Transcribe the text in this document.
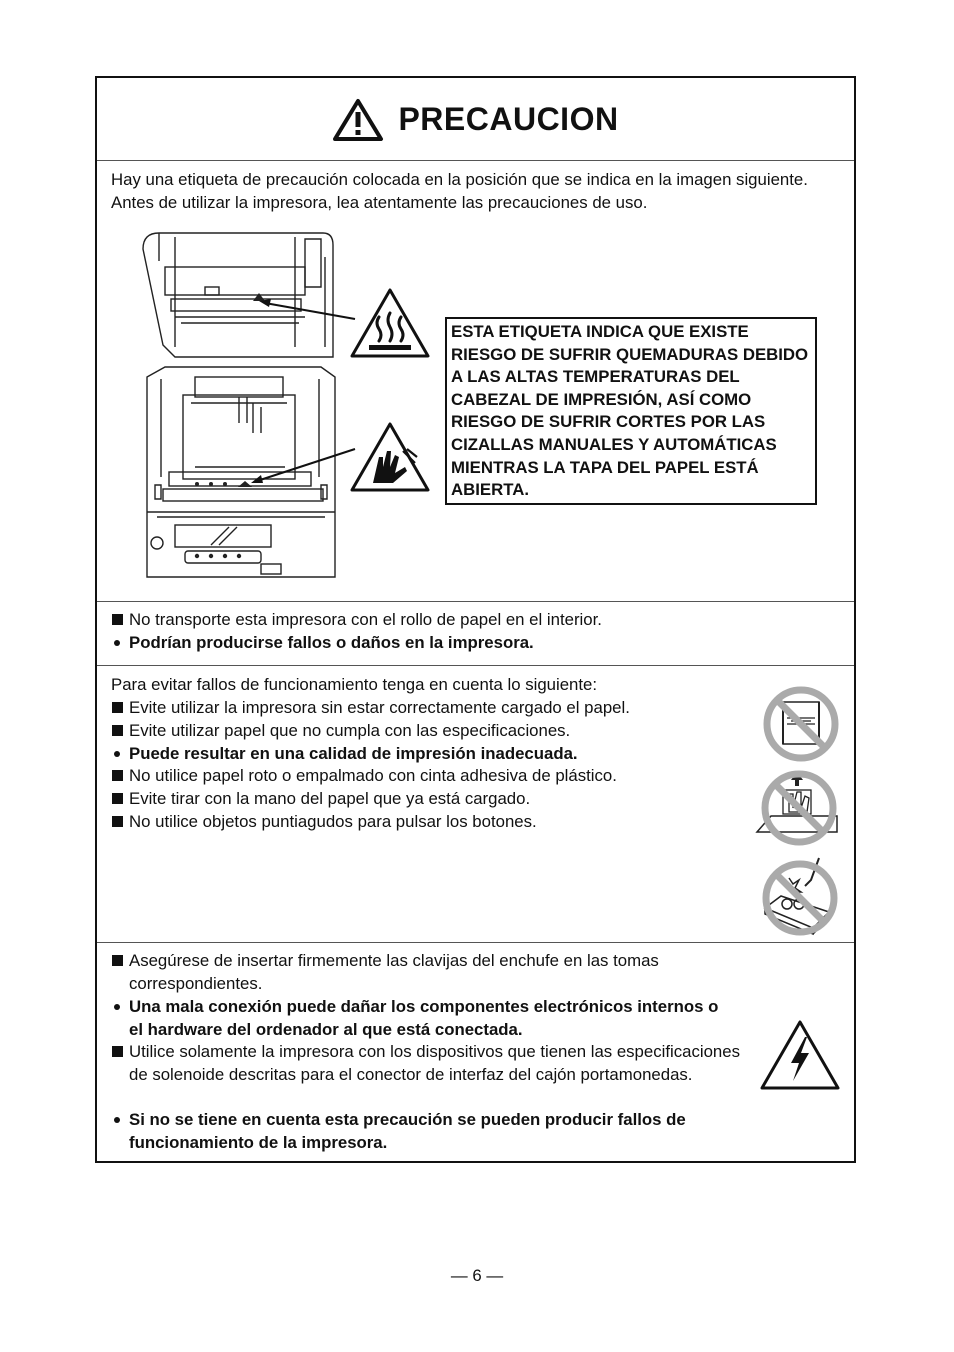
PRECAUCION

Hay una etiqueta de precaución colocada en la posición que se indica en la imagen siguiente. Antes de utilizar la impresora, lea atentamente las precauciones de uso.

ESTA ETIQUETA INDICA QUE EXISTE RIESGO DE SUFRIR QUEMADURAS DEBIDO A LAS ALTAS TEMPERATURAS DEL CABEZAL DE IMPRESIÓN, ASÍ COMO RIESGO DE SUFRIR CORTES POR LAS CIZALLAS MANUALES Y AUTOMÁTICAS MIENTRAS LA TAPA DEL PAPEL ESTÁ ABIERTA.
No transporte esta impresora con el rollo de papel en el interior.
Podrían producirse fallos o daños en la impresora.

Para evitar fallos de funcionamiento tenga en cuenta lo siguiente:

Evite utilizar la impresora sin estar correctamente cargado el papel.
Evite utilizar papel que no cumpla con las especificaciones.
Puede resultar en una calidad de impresión inadecuada.
No utilice papel roto o empalmado con cinta adhesiva de plástico.
Evite tirar con la mano del papel que ya está cargado.
No utilice objetos puntiagudos para pulsar los botones.
Asegúrese de insertar firmemente las clavijas del enchufe en las tomas correspondientes.
Una mala conexión puede dañar los componentes electrónicos internos o el hardware del ordenador al que está conectada.
Utilice solamente la impresora con los dispositivos que tienen las especificaciones de solenoide descritas para el conector de interfaz del cajón portamonedas.
Si no se tiene en cuenta esta precaución se pueden producir fallos de funcionamiento de la impresora.
— 6 —
